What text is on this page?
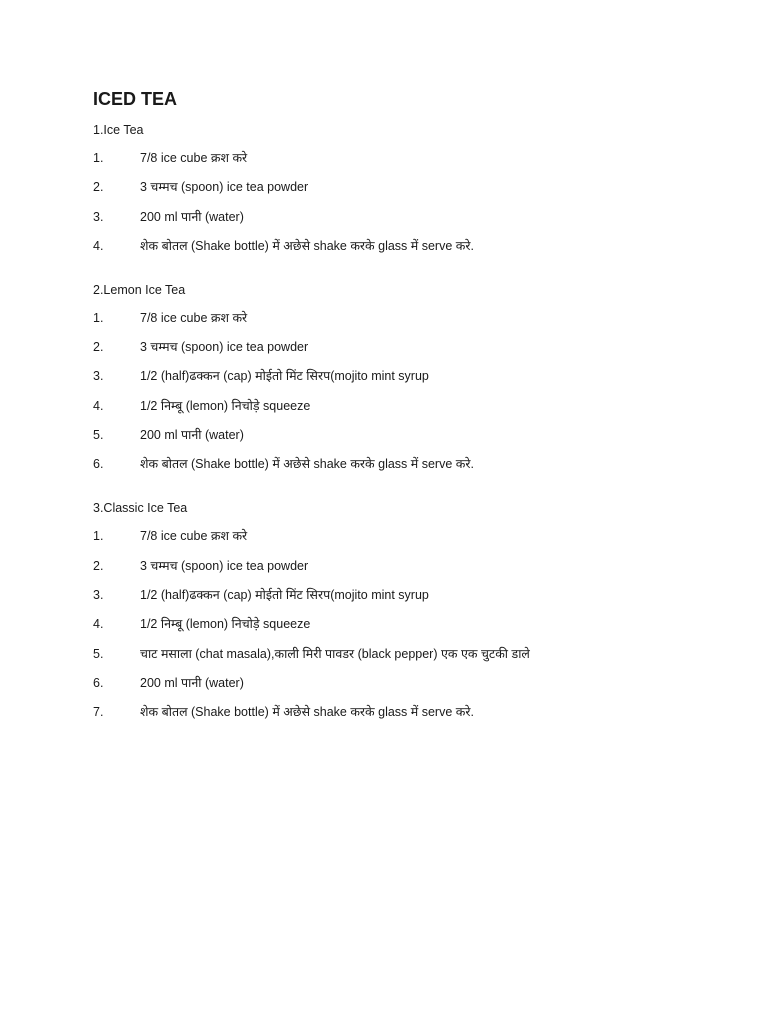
ICED TEA
1.Ice Tea
1.	7/8 ice cube क्रश करे
2.	3 चम्मच (spoon) ice tea powder
3.	200 ml पानी (water)
4.	शेक बोतल (Shake bottle) में अछेसे shake करके glass में serve करे.
2.Lemon Ice Tea
1.	7/8 ice cube क्रश करे
2.	3 चम्मच (spoon) ice tea powder
3.	1/2 (half)ढक्कन (cap) मोईतो मिंट सिरप(mojito mint syrup
4.	1/2 निम्बू (lemon) निचोड़े squeeze
5.	200 ml पानी (water)
6.	शेक बोतल (Shake bottle) में अछेसे shake करके glass में serve करे.
3.Classic Ice Tea
1.	7/8 ice cube क्रश करे
2.	3 चम्मच (spoon) ice tea powder
3.	1/2 (half)ढक्कन (cap) मोईतो मिंट सिरप(mojito mint syrup
4.	1/2 निम्बू (lemon) निचोड़े squeeze
5.	चाट मसाला (chat masala),काली मिरी पावडर (black pepper) एक एक चुटकी डाले
6.	200 ml पानी (water)
7.	शेक बोतल (Shake bottle) में अछेसे shake करके glass में serve करे.
